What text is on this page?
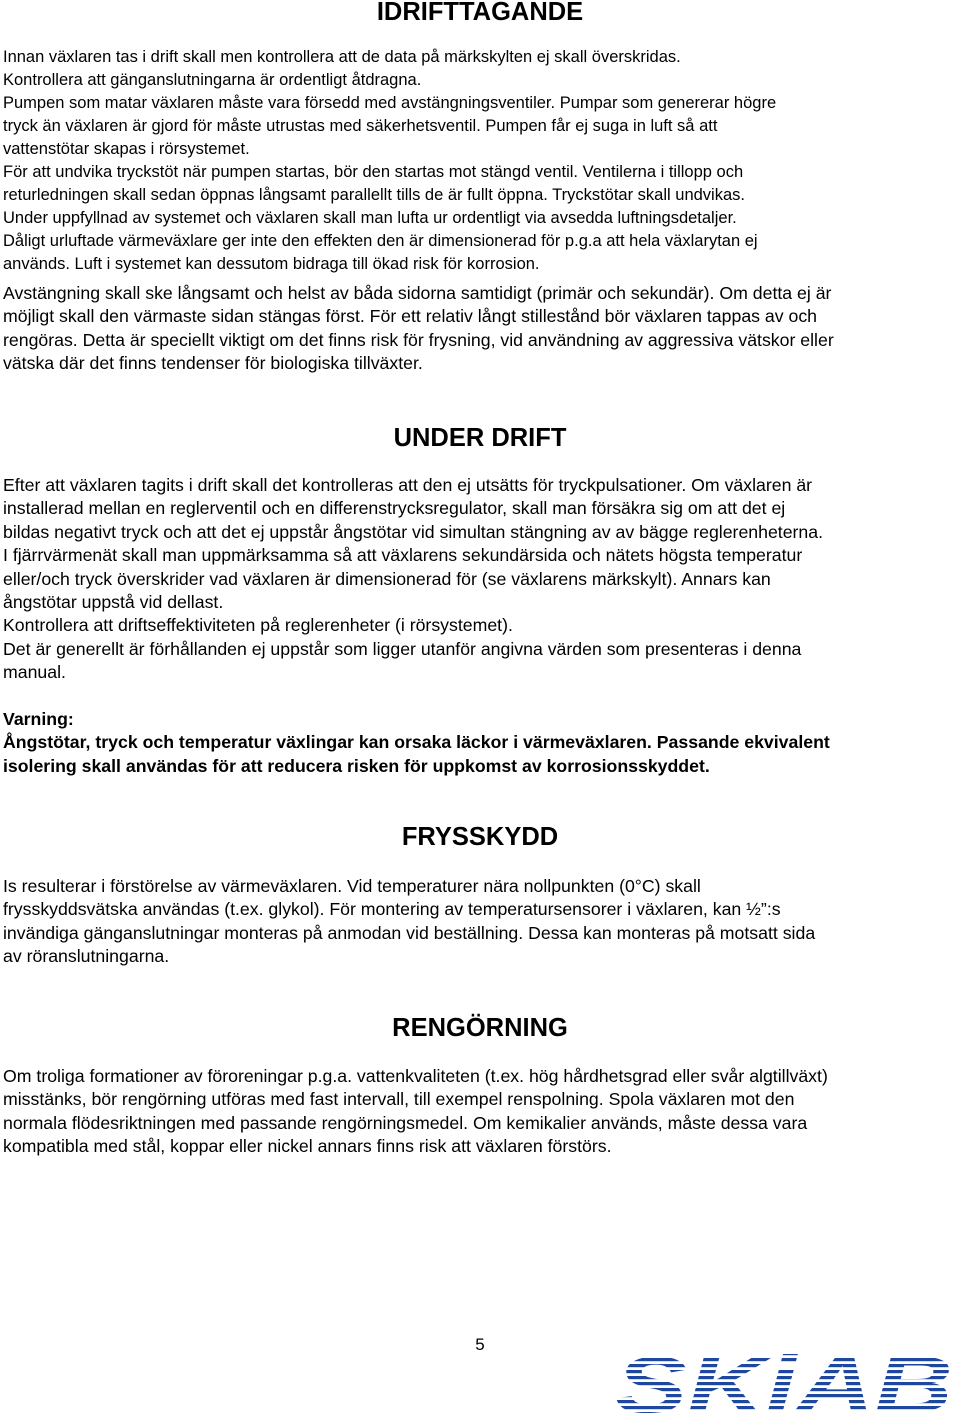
IDRIFTTAGANDE
Innan växlaren tas i drift skall men kontrollera att de data på märkskylten ej skall överskridas.
Kontrollera att gänganslutningarna är ordentligt åtdragna.
Pumpen som matar växlaren måste vara försedd med avstängningsventiler. Pumpar som genererar högre
tryck än växlaren är gjord för måste utrustas med säkerhetsventil. Pumpen får ej suga in luft så att
vattenstötar skapas i rörsystemet.
För att undvika tryckstöt när pumpen startas, bör den startas mot stängd ventil. Ventilerna i tillopp och
returledningen skall sedan öppnas långsamt parallellt tills de är fullt öppna. Tryckstötar skall undvikas.
Under uppfyllnad av systemet och växlaren skall man lufta ur ordentligt via avsedda luftningsdetaljer.
Dåligt urluftade värmeväxlare ger inte den effekten den är dimensionerad för p.g.a att hela växlarytan ej
används. Luft i systemet kan dessutom bidraga till ökad risk för korrosion.
Avstängning skall ske långsamt och helst av båda sidorna samtidigt (primär och sekundär). Om detta ej är
möjligt skall den värmaste sidan stängas först. För ett relativ långt stillestånd bör växlaren tappas av och
rengöras. Detta är speciellt viktigt om det finns risk för frysning, vid användning av aggressiva vätskor eller
vätska där det finns tendenser för biologiska tillväxter.
UNDER DRIFT
Efter att växlaren tagits i drift skall det kontrolleras att den ej utsätts för tryckpulsationer. Om växlaren är
installerad mellan en reglerventil och en differenstrycksregulator, skall man försäkra sig om att det ej
bildas negativt tryck och att det ej uppstår ångstötar vid simultan stängning av av bägge reglerenheterna.
I fjärrvärmenät skall man uppmärksamma så att växlarens sekundärsida och nätets högsta temperatur
eller/och tryck överskrider vad växlaren är dimensionerad för (se växlarens märkskylt). Annars kan
ångstötar uppstå vid dellast.
Kontrollera att driftseffektiviteten på reglerenheter (i rörsystemet).
Det är generellt är förhållanden ej uppstår som ligger utanför angivna värden som presenteras i denna
manual.
Varning:
Ångstötar, tryck och temperatur växlingar kan orsaka läckor i värmeväxlaren. Passande ekvivalent
isolering skall användas för att reducera risken för uppkomst av korrosionsskyddet.
FRYSSKYDD
Is resulterar i förstörelse av värmeväxlaren. Vid temperaturer nära nollpunkten (0°C) skall
frysskyddsvätska användas (t.ex. glykol). För montering av temperatursensorer i växlaren, kan ½”:s
invändiga gänganslutningar monteras på anmodan vid beställning. Dessa kan monteras på motsatt sida
av röranslutningarna.
RENGÖRNING
Om troliga formationer av föroreningar p.g.a. vattenkvaliteten (t.ex. hög hårdhetsgrad eller svår algtillväxt)
misstänks, bör rengörning utföras med fast intervall, till exempel renspolning. Spola växlaren mot den
normala flödesriktningen med passande rengörningsmedel. Om kemikalier används, måste dessa vara
kompatibla med stål, koppar eller nickel annars finns risk att växlaren förstörs.
5	SKiAB
